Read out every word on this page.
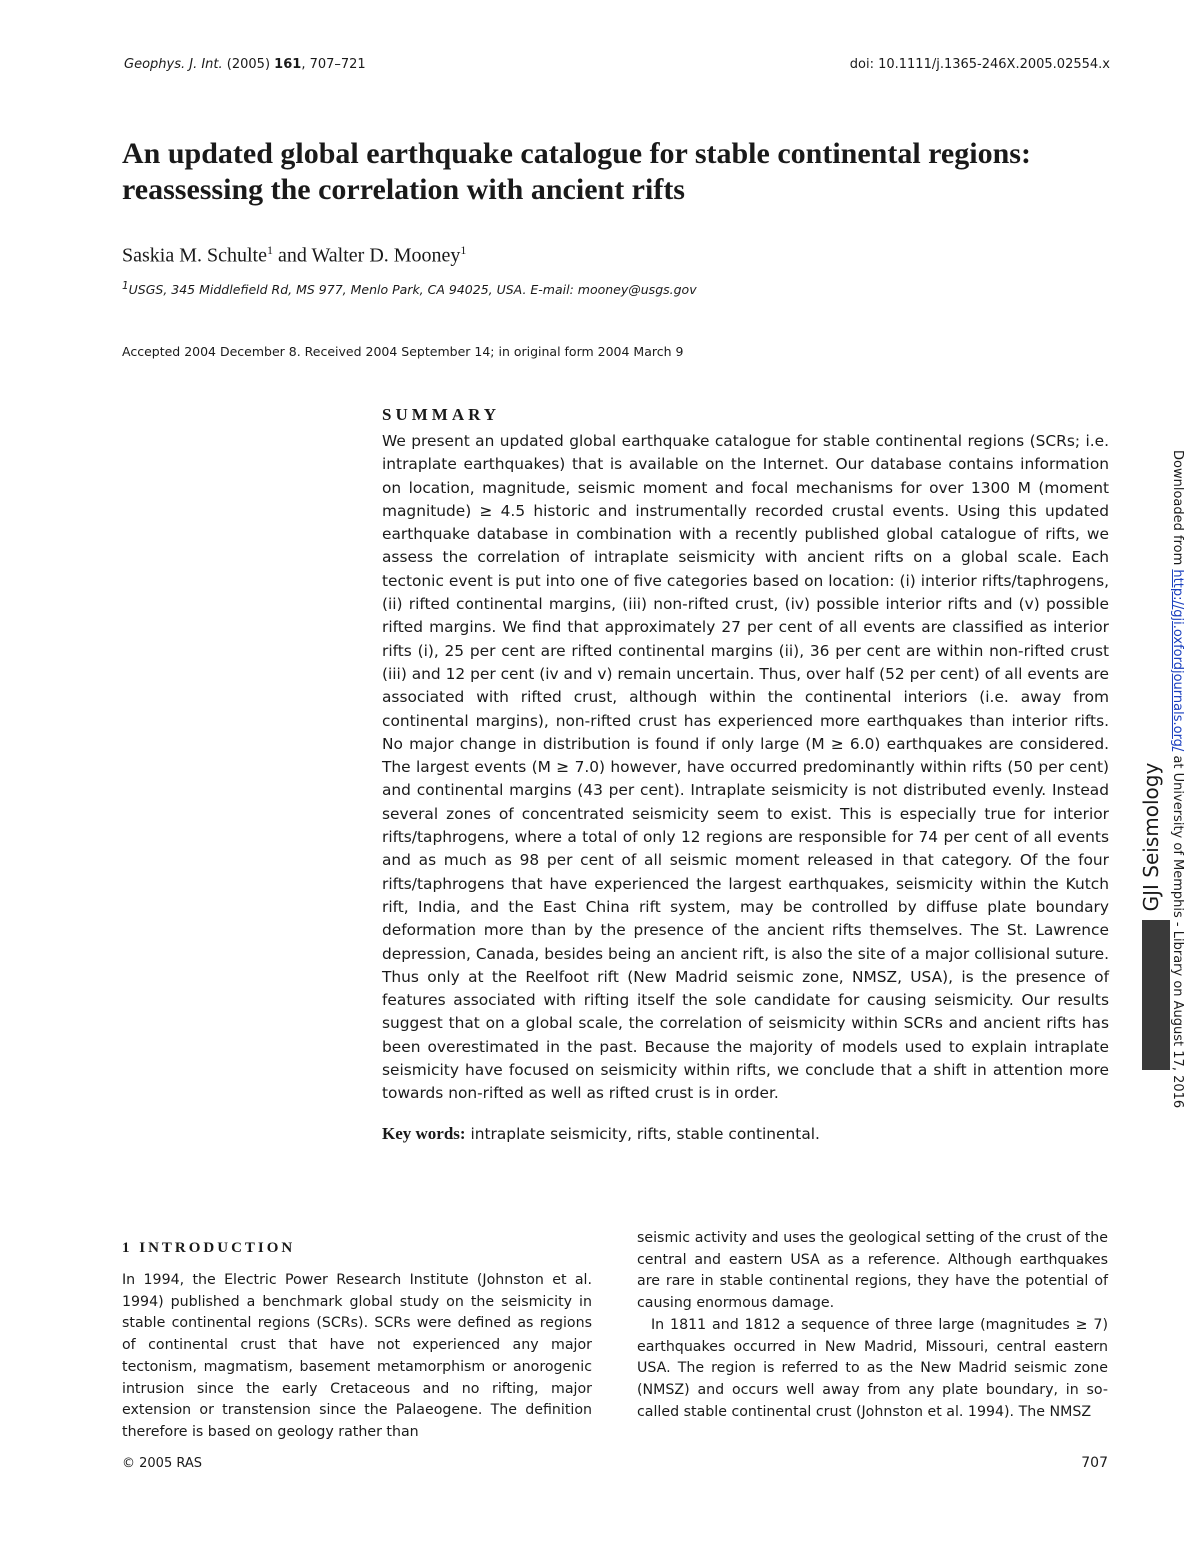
Geophys. J. Int. (2005) 161, 707–721	doi: 10.1111/j.1365-246X.2005.02554.x
An updated global earthquake catalogue for stable continental regions: reassessing the correlation with ancient rifts
Saskia M. Schulte$^1$ and Walter D. Mooney$^1$
$^1$USGS, 345 Middlefield Rd, MS 977, Menlo Park, CA 94025, USA. E-mail: mooney@usgs.gov
Accepted 2004 December 8. Received 2004 September 14; in original form 2004 March 9
SUMMARY
We present an updated global earthquake catalogue for stable continental regions (SCRs; i.e. intraplate earthquakes) that is available on the Internet. Our database contains information on location, magnitude, seismic moment and focal mechanisms for over 1300 M (moment magnitude) ≥ 4.5 historic and instrumentally recorded crustal events. Using this updated earthquake database in combination with a recently published global catalogue of rifts, we assess the correlation of intraplate seismicity with ancient rifts on a global scale. Each tectonic event is put into one of five categories based on location: (i) interior rifts/taphrogens, (ii) rifted continental margins, (iii) non-rifted crust, (iv) possible interior rifts and (v) possible rifted margins. We find that approximately 27 per cent of all events are classified as interior rifts (i), 25 per cent are rifted continental margins (ii), 36 per cent are within non-rifted crust (iii) and 12 per cent (iv and v) remain uncertain. Thus, over half (52 per cent) of all events are associated with rifted crust, although within the continental interiors (i.e. away from continental margins), non-rifted crust has experienced more earthquakes than interior rifts. No major change in distribution is found if only large (M ≥ 6.0) earthquakes are considered. The largest events (M ≥ 7.0) however, have occurred predominantly within rifts (50 per cent) and continental margins (43 per cent). Intraplate seismicity is not distributed evenly. Instead several zones of concentrated seismicity seem to exist. This is especially true for interior rifts/taphrogens, where a total of only 12 regions are responsible for 74 per cent of all events and as much as 98 per cent of all seismic moment released in that category. Of the four rifts/taphrogens that have experienced the largest earthquakes, seismicity within the Kutch rift, India, and the East China rift system, may be controlled by diffuse plate boundary deformation more than by the presence of the ancient rifts themselves. The St. Lawrence depression, Canada, besides being an ancient rift, is also the site of a major collisional suture. Thus only at the Reelfoot rift (New Madrid seismic zone, NMSZ, USA), is the presence of features associated with rifting itself the sole candidate for causing seismicity. Our results suggest that on a global scale, the correlation of seismicity within SCRs and ancient rifts has been overestimated in the past. Because the majority of models used to explain intraplate seismicity have focused on seismicity within rifts, we conclude that a shift in attention more towards non-rifted as well as rifted crust is in order.
Key words: intraplate seismicity, rifts, stable continental.
1 INTRODUCTION

In 1994, the Electric Power Research Institute (Johnston et al. 1994) published a benchmark global study on the seismicity in stable continental regions (SCRs). SCRs were defined as regions of continental crust that have not experienced any major tectonism, magmatism, basement metamorphism or anorogenic intrusion since the early Cretaceous and no rifting, major extension or transtension since the Palaeogene. The definition therefore is based on geology rather than

seismic activity and uses the geological setting of the crust of the central and eastern USA as a reference. Although earthquakes are rare in stable continental regions, they have the potential of causing enormous damage.

In 1811 and 1812 a sequence of three large (magnitudes ≥ 7) earthquakes occurred in New Madrid, Missouri, central eastern USA. The region is referred to as the New Madrid seismic zone (NMSZ) and occurs well away from any plate boundary, in so-called stable continental crust (Johnston et al. 1994). The NMSZ

© 2005 RAS	707
GJI Seismology
Downloaded from http://gji.oxfordjournals.org/ at University of Memphis - Library on August 17, 2016
